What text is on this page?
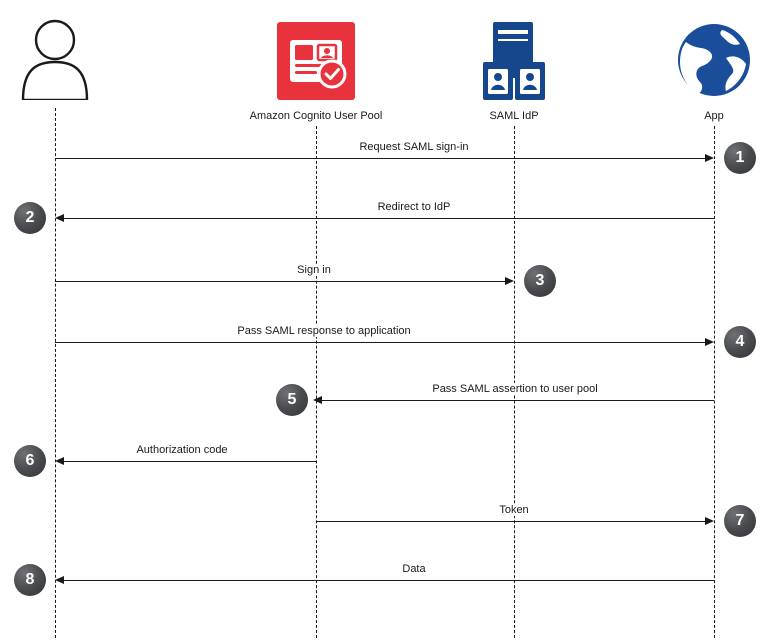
Amazon Cognito User Pool	SAML IdP	App
Request SAML sign-in
1
Redirect to IdP
2
Sign in
3
Pass SAML response to application
4
Pass SAML assertion to user pool
5
Authorization code
6
Token
7
Data
8
